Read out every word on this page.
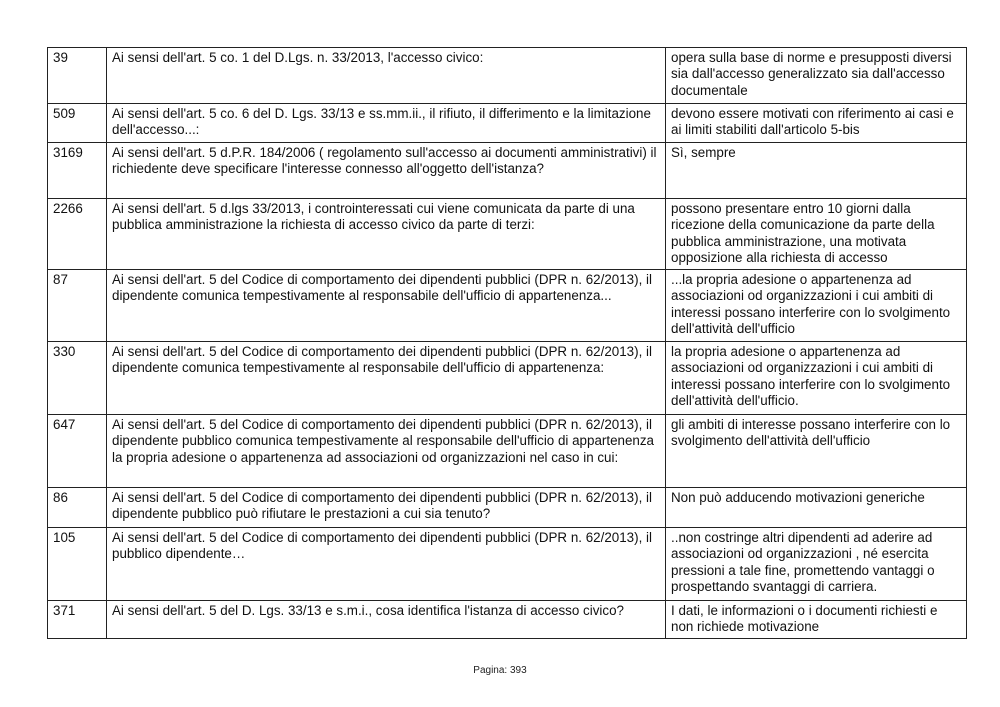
39	Ai sensi dell'art. 5 co. 1 del D.Lgs. n. 33/2013, l'accesso civico:	opera sulla base di norme e presupposti diversi sia dall'accesso generalizzato sia dall'accesso documentale
509	Ai sensi dell'art. 5 co. 6 del D. Lgs. 33/13 e ss.mm.ii., il rifiuto, il differimento e la limitazione dell'accesso...:	devono essere motivati con riferimento ai casi e ai limiti stabiliti dall'articolo 5-bis
3169	Ai sensi dell'art. 5 d.P.R. 184/2006 ( regolamento sull'accesso ai documenti amministrativi) il richiedente deve specificare l'interesse connesso all'oggetto dell'istanza?	Sì, sempre
2266	Ai sensi dell'art. 5 d.lgs 33/2013, i controinteressati cui viene comunicata da parte di una pubblica amministrazione la richiesta di accesso civico da parte di terzi:	possono presentare entro 10 giorni dalla ricezione della comunicazione da parte della pubblica amministrazione, una motivata opposizione alla richiesta di accesso
87	Ai sensi dell'art. 5 del Codice di comportamento dei dipendenti pubblici (DPR n. 62/2013), il dipendente comunica tempestivamente al responsabile dell'ufficio di appartenenza...	...la propria adesione o appartenenza ad associazioni od organizzazioni i cui ambiti di interessi possano interferire con lo svolgimento dell'attività dell'ufficio
330	Ai sensi dell'art. 5 del Codice di comportamento dei dipendenti pubblici (DPR n. 62/2013), il dipendente comunica tempestivamente al responsabile dell'ufficio di appartenenza:	la propria adesione o appartenenza ad associazioni od organizzazioni i cui ambiti di interessi possano interferire con lo svolgimento dell'attività dell'ufficio.
647	Ai sensi dell'art. 5 del Codice di comportamento dei dipendenti pubblici (DPR n. 62/2013), il dipendente pubblico comunica tempestivamente al responsabile dell'ufficio di appartenenza la propria adesione o appartenenza ad associazioni od organizzazioni nel caso in cui:	gli ambiti di interesse possano interferire con lo svolgimento dell'attività dell'ufficio
86	Ai sensi dell'art. 5 del Codice di comportamento dei dipendenti pubblici (DPR n. 62/2013), il dipendente pubblico può rifiutare le prestazioni a cui sia tenuto?	Non può adducendo motivazioni generiche
105	Ai sensi dell'art. 5 del Codice di comportamento dei dipendenti pubblici (DPR n. 62/2013), il pubblico dipendente…	..non costringe altri dipendenti ad aderire ad associazioni od organizzazioni , né esercita pressioni a tale fine, promettendo vantaggi o prospettando svantaggi di carriera.
371	Ai sensi dell'art. 5 del D. Lgs. 33/13 e s.m.i., cosa identifica l'istanza di accesso civico?	I dati, le informazioni o i documenti richiesti e non richiede motivazione
Pagina: 393
